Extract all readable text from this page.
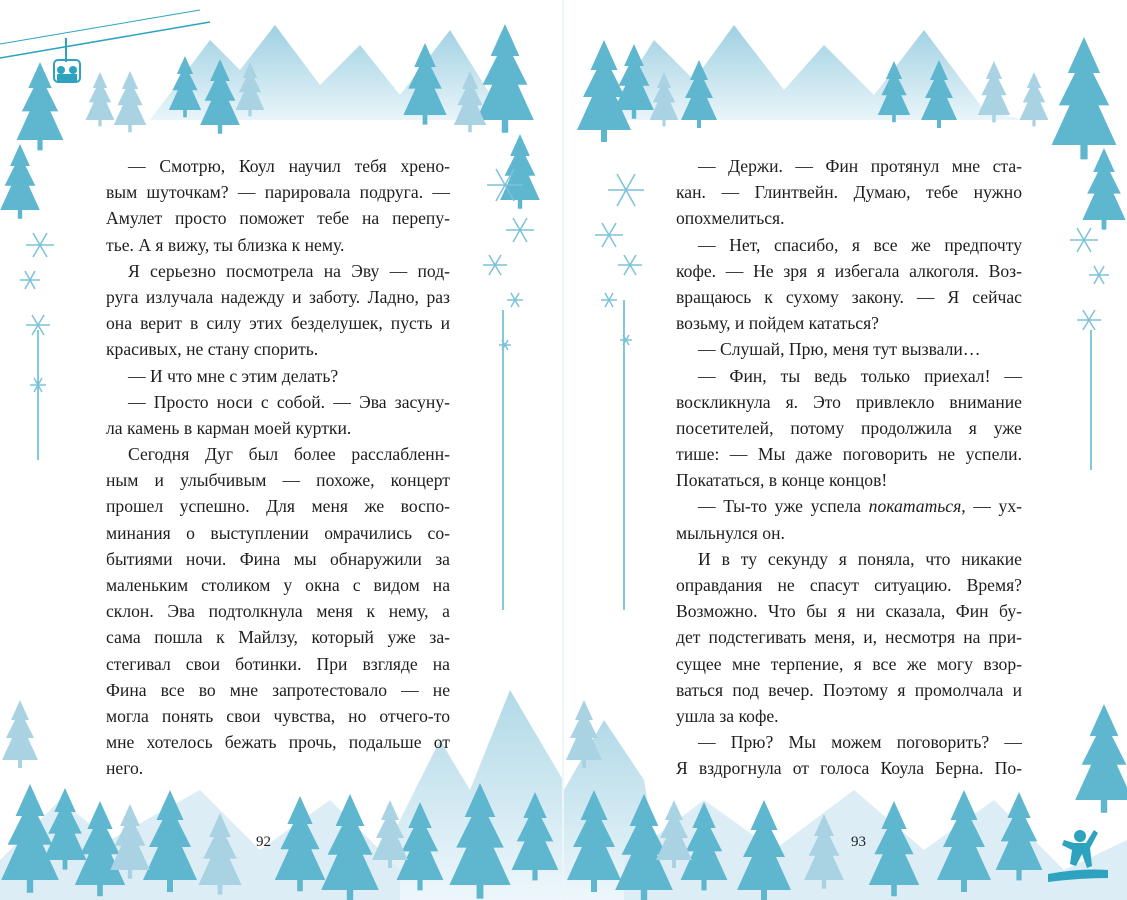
— Смотрю, Коул научил тебя хрено-
вым шуточкам? — парировала подруга. —
Амулет просто поможет тебе на перепу-
тье. А я вижу, ты близка к нему.

Я серьезно посмотрела на Эву — под-
руга излучала надежду и заботу. Ладно, раз
она верит в силу этих безделушек, пусть и
красивых, не стану спорить.

— И что мне с этим делать?

— Просто носи с собой. — Эва засуну-
ла камень в карман моей куртки.

Сегодня Дуг был более расслабленн-
ным и улыбчивым — похоже, концерт
прошел успешно. Для меня же воспо-
минания о выступлении омрачились со-
бытиями ночи. Фина мы обнаружили за
маленьким столиком у окна с видом на
склон. Эва подтолкнула меня к нему, а
сама пошла к Майлзу, который уже за-
стегивал свои ботинки. При взгляде на
Фина все во мне запротестовало — не
могла понять свои чувства, но отчего-то
мне хотелось бежать прочь, подальше от
него.

92

— Держи. — Фин протянул мне ста-
кан. — Глинтвейн. Думаю, тебе нужно
опохмелиться.

— Нет, спасибо, я все же предпочту
кофе. — Не зря я избегала алкоголя. Воз-
вращаюсь к сухому закону. — Я сейчас
возьму, и пойдем кататься?

— Слушай, Прю, меня тут вызвали…

— Фин, ты ведь только приехал! —
воскликнула я. Это привлекло внимание
посетителей, потому продолжила я уже
тише: — Мы даже поговорить не успели.
Покататься, в конце концов!

— Ты-то уже успела покататься, — ух-
мыльнулся он.

И в ту секунду я поняла, что никакие
оправдания не спасут ситуацию. Время?
Возможно. Что бы я ни сказала, Фин бу-
дет подстегивать меня, и, несмотря на при-
сущее мне терпение, я все же могу взор-
ваться под вечер. Поэтому я промолчала и
ушла за кофе.

— Прю? Мы можем поговорить? —
Я вздрогнула от голоса Коула Берна. По-

93
